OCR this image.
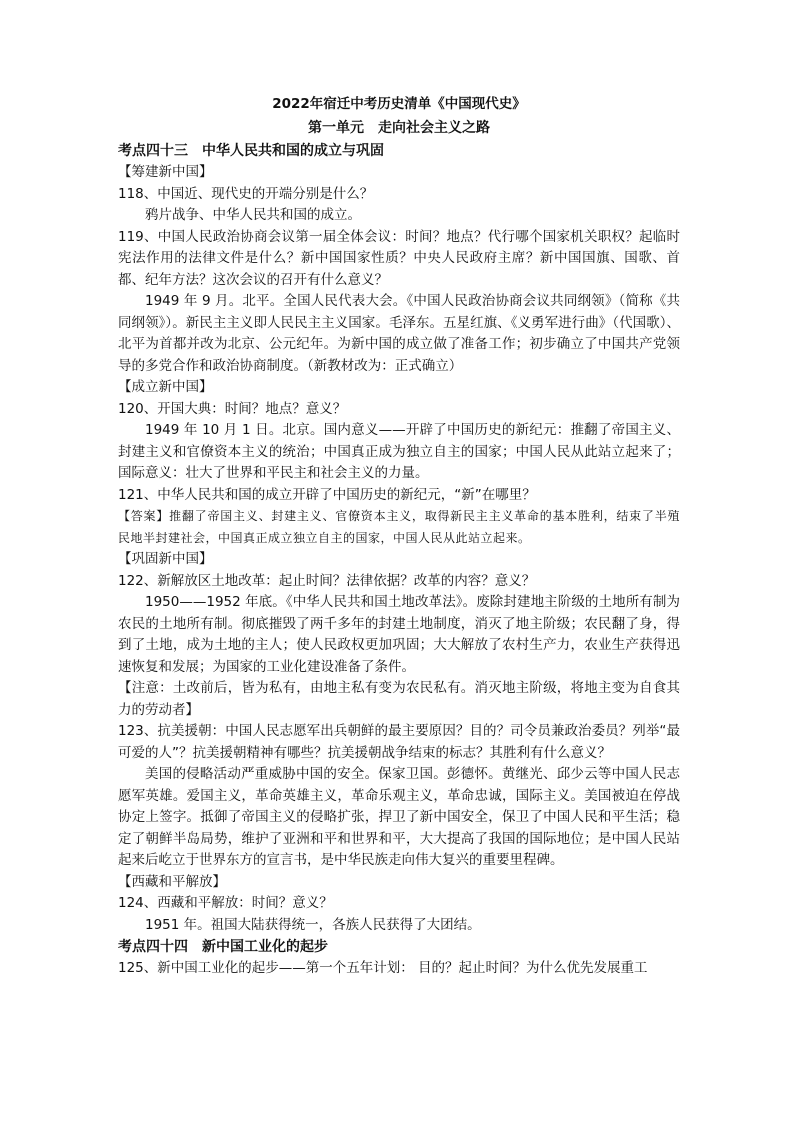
2022年宿迁中考历史清单《中国现代史》

第一单元　走向社会主义之路

考点四十三　中华人民共和国的成立与巩固

【筹建新中国】

118、中国近、现代史的开端分别是什么？

鸦片战争、中华人民共和国的成立。

119、中国人民政治协商会议第一届全体会议：时间？地点？代行哪个国家机关职权？起临时宪法作用的法律文件是什么？新中国国家性质？中央人民政府主席？新中国国旗、国歌、首都、纪年方法？这次会议的召开有什么意义？

1949 年 9 月。北平。全国人民代表大会。《中国人民政治协商会议共同纲领》（简称《共同纲领》）。新民主主义即人民民主主义国家。毛泽东。五星红旗、《义勇军进行曲》（代国歌）、北平为首都并改为北京、公元纪年。为新中国的成立做了准备工作；初步确立了中国共产党领导的多党合作和政治协商制度。（新教材改为：正式确立）

【成立新中国】

120、开国大典：时间？地点？意义？

1949 年 10 月 1 日。北京。国内意义——开辟了中国历史的新纪元：推翻了帝国主义、封建主义和官僚资本主义的统治；中国真正成为独立自主的国家；中国人民从此站立起来了；国际意义：壮大了世界和平民主和社会主义的力量。

121、中华人民共和国的成立开辟了中国历史的新纪元，“新”在哪里？

【答案】推翻了帝国主义、封建主义、官僚资本主义，取得新民主主义革命的基本胜利，结束了半殖民地半封建社会，中国真正成立独立自主的国家，中国人民从此站立起来。

【巩固新中国】

122、新解放区土地改革：起止时间？法律依据？改革的内容？意义？

1950——1952 年底。《中华人民共和国土地改革法》。废除封建地主阶级的土地所有制为农民的土地所有制。彻底摧毁了两千多年的封建土地制度，消灭了地主阶级；农民翻了身，得到了土地，成为土地的主人；使人民政权更加巩固；大大解放了农村生产力，农业生产获得迅速恢复和发展；为国家的工业化建设准备了条件。

【注意：土改前后，皆为私有，由地主私有变为农民私有。消灭地主阶级，将地主变为自食其力的劳动者】

123、抗美援朝：中国人民志愿军出兵朝鲜的最主要原因？目的？司令员兼政治委员？列举“最可爱的人”？抗美援朝精神有哪些？抗美援朝战争结束的标志？其胜利有什么意义？

美国的侵略活动严重威胁中国的安全。保家卫国。彭德怀。黄继光、邱少云等中国人民志愿军英雄。爱国主义，革命英雄主义，革命乐观主义，革命忠诚，国际主义。美国被迫在停战协定上签字。抵御了帝国主义的侵略扩张，捍卫了新中国安全，保卫了中国人民和平生活；稳定了朝鲜半岛局势，维护了亚洲和平和世界和平，大大提高了我国的国际地位；是中国人民站起来后屹立于世界东方的宣言书，是中华民族走向伟大复兴的重要里程碑。

【西藏和平解放】

124、西藏和平解放：时间？意义？

1951 年。祖国大陆获得统一，各族人民获得了大团结。

考点四十四　新中国工业化的起步

125、新中国工业化的起步——第一个五年计划： 目的？起止时间？为什么优先发展重工
